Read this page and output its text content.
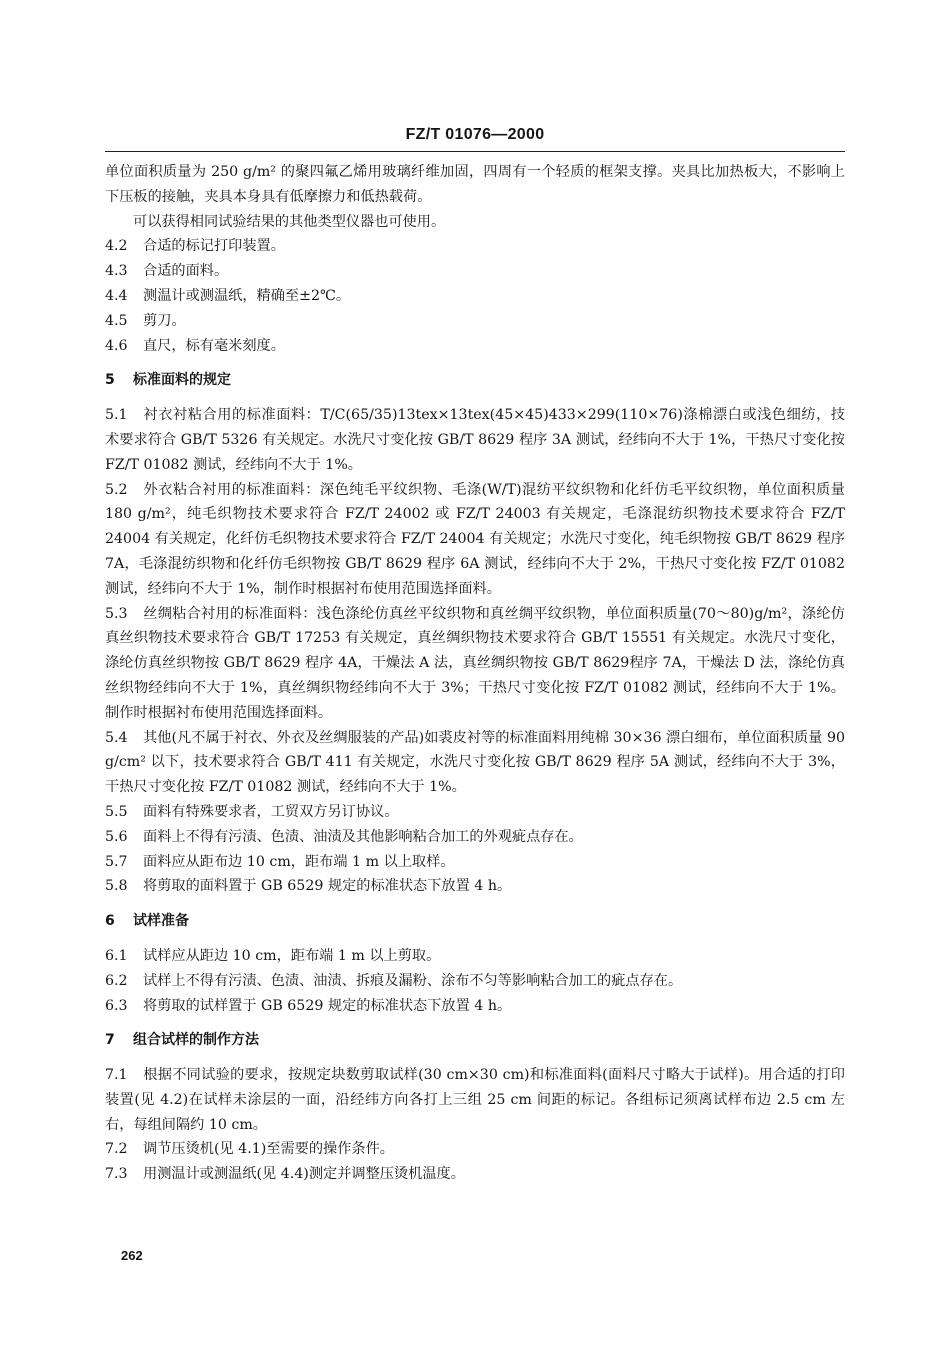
FZ/T 01076—2000

单位面积质量为 250 g/m² 的聚四氟乙烯用玻璃纤维加固，四周有一个轻质的框架支撑。夹具比加热板大，不影响上下压板的接触，夹具本身具有低摩擦力和低热载荷。

可以获得相同试验结果的其他类型仪器也可使用。

4.2 合适的标记打印装置。

4.3 合适的面料。

4.4 测温计或测温纸，精确至±2℃。

4.5 剪刀。

4.6 直尺，标有毫米刻度。

5 标准面料的规定

5.1 衬衣衬粘合用的标准面料：T/C(65/35)13tex×13tex(45×45)433×299(110×76)涤棉漂白或浅色细纺，技术要求符合 GB/T 5326 有关规定。水洗尺寸变化按 GB/T 8629 程序 3A 测试，经纬向不大于 1%，干热尺寸变化按 FZ/T 01082 测试，经纬向不大于 1%。

5.2 外衣粘合衬用的标准面料：深色纯毛平纹织物、毛涤(W/T)混纺平纹织物和化纤仿毛平纹织物，单位面积质量 180 g/m²，纯毛织物技术要求符合 FZ/T 24002 或 FZ/T 24003 有关规定，毛涤混纺织物技术要求符合 FZ/T 24004 有关规定，化纤仿毛织物技术要求符合 FZ/T 24004 有关规定；水洗尺寸变化，纯毛织物按 GB/T 8629 程序 7A，毛涤混纺织物和化纤仿毛织物按 GB/T 8629 程序 6A 测试，经纬向不大于 2%，干热尺寸变化按 FZ/T 01082 测试，经纬向不大于 1%，制作时根据衬布使用范围选择面料。

5.3 丝绸粘合衬用的标准面料：浅色涤纶仿真丝平纹织物和真丝绸平纹织物，单位面积质量(70～80)g/m²，涤纶仿真丝织物技术要求符合 GB/T 17253 有关规定，真丝绸织物技术要求符合 GB/T 15551 有关规定。水洗尺寸变化，涤纶仿真丝织物按 GB/T 8629 程序 4A，干燥法 A 法，真丝绸织物按 GB/T 8629程序 7A，干燥法 D 法，涤纶仿真丝织物经纬向不大于 1%，真丝绸织物经纬向不大于 3%；干热尺寸变化按 FZ/T 01082 测试，经纬向不大于 1%。制作时根据衬布使用范围选择面料。

5.4 其他(凡不属于衬衣、外衣及丝绸服装的产品)如裘皮衬等的标准面料用纯棉 30×36 漂白细布，单位面积质量 90 g/cm² 以下，技术要求符合 GB/T 411 有关规定，水洗尺寸变化按 GB/T 8629 程序 5A 测试，经纬向不大于 3%，干热尺寸变化按 FZ/T 01082 测试，经纬向不大于 1%。

5.5 面料有特殊要求者，工贸双方另订协议。

5.6 面料上不得有污渍、色渍、油渍及其他影响粘合加工的外观疵点存在。

5.7 面料应从距布边 10 cm，距布端 1 m 以上取样。

5.8 将剪取的面料置于 GB 6529 规定的标准状态下放置 4 h。

6 试样准备

6.1 试样应从距边 10 cm，距布端 1 m 以上剪取。

6.2 试样上不得有污渍、色渍、油渍、拆痕及漏粉、涂布不匀等影响粘合加工的疵点存在。

6.3 将剪取的试样置于 GB 6529 规定的标准状态下放置 4 h。

7 组合试样的制作方法

7.1 根据不同试验的要求，按规定块数剪取试样(30 cm×30 cm)和标准面料(面料尺寸略大于试样)。用合适的打印装置(见 4.2)在试样未涂层的一面，沿经纬方向各打上三组 25 cm 间距的标记。各组标记须离试样布边 2.5 cm 左右，每组间隔约 10 cm。

7.2 调节压烫机(见 4.1)至需要的操作条件。

7.3 用测温计或测温纸(见 4.4)测定并调整压烫机温度。

262
